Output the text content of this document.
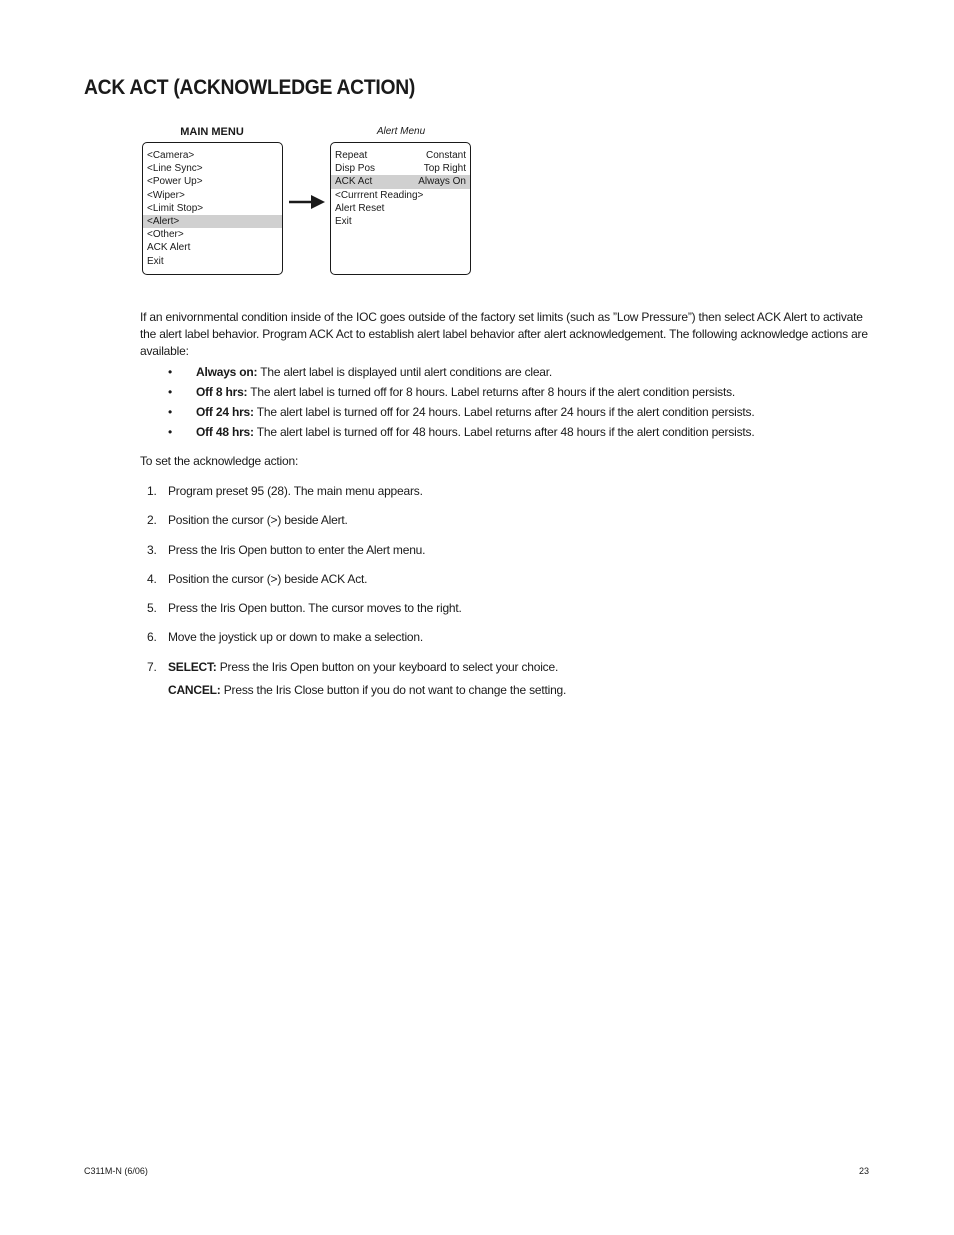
ACK ACT (ACKNOWLEDGE ACTION)
MAIN MENU	Alert Menu
<Camera>
<Line Sync>
<Power Up>
<Wiper>
<Limit Stop>
<Alert>
<Other>
ACK Alert
Exit
Repeat	Constant
Disp Pos	Top Right
ACK Act	Always On
<Currrent Reading>
Alert Reset
Exit

If an enivornmental condition inside of the IOC goes outside of the factory set limits (such as ”Low Pressure”) then select ACK Alert to activate the alert label behavior. Program ACK Act to establish alert label behavior after alert acknowledgement. The following acknowledge actions are available:

• Always on: The alert label is displayed until alert conditions are clear.
• Off 8 hrs: The alert label is turned off for 8 hours. Label returns after 8 hours if the alert condition persists.
• Off 24 hrs: The alert label is turned off for 24 hours. Label returns after 24 hours if the alert condition persists.
• Off 48 hrs: The alert label is turned off for 48 hours. Label returns after 48 hours if the alert condition persists.
To set the acknowledge action:
1. Program preset 95 (28). The main menu appears.
2. Position the cursor (>) beside Alert.
3. Press the Iris Open button to enter the Alert menu.
4. Position the cursor (>) beside ACK Act.
5. Press the Iris Open button. The cursor moves to the right.
6. Move the joystick up or down to make a selection.
7. SELECT: Press the Iris Open button on your keyboard to select your choice.
CANCEL: Press the Iris Close button if you do not want to change the setting.
C311M-N (6/06)	23
